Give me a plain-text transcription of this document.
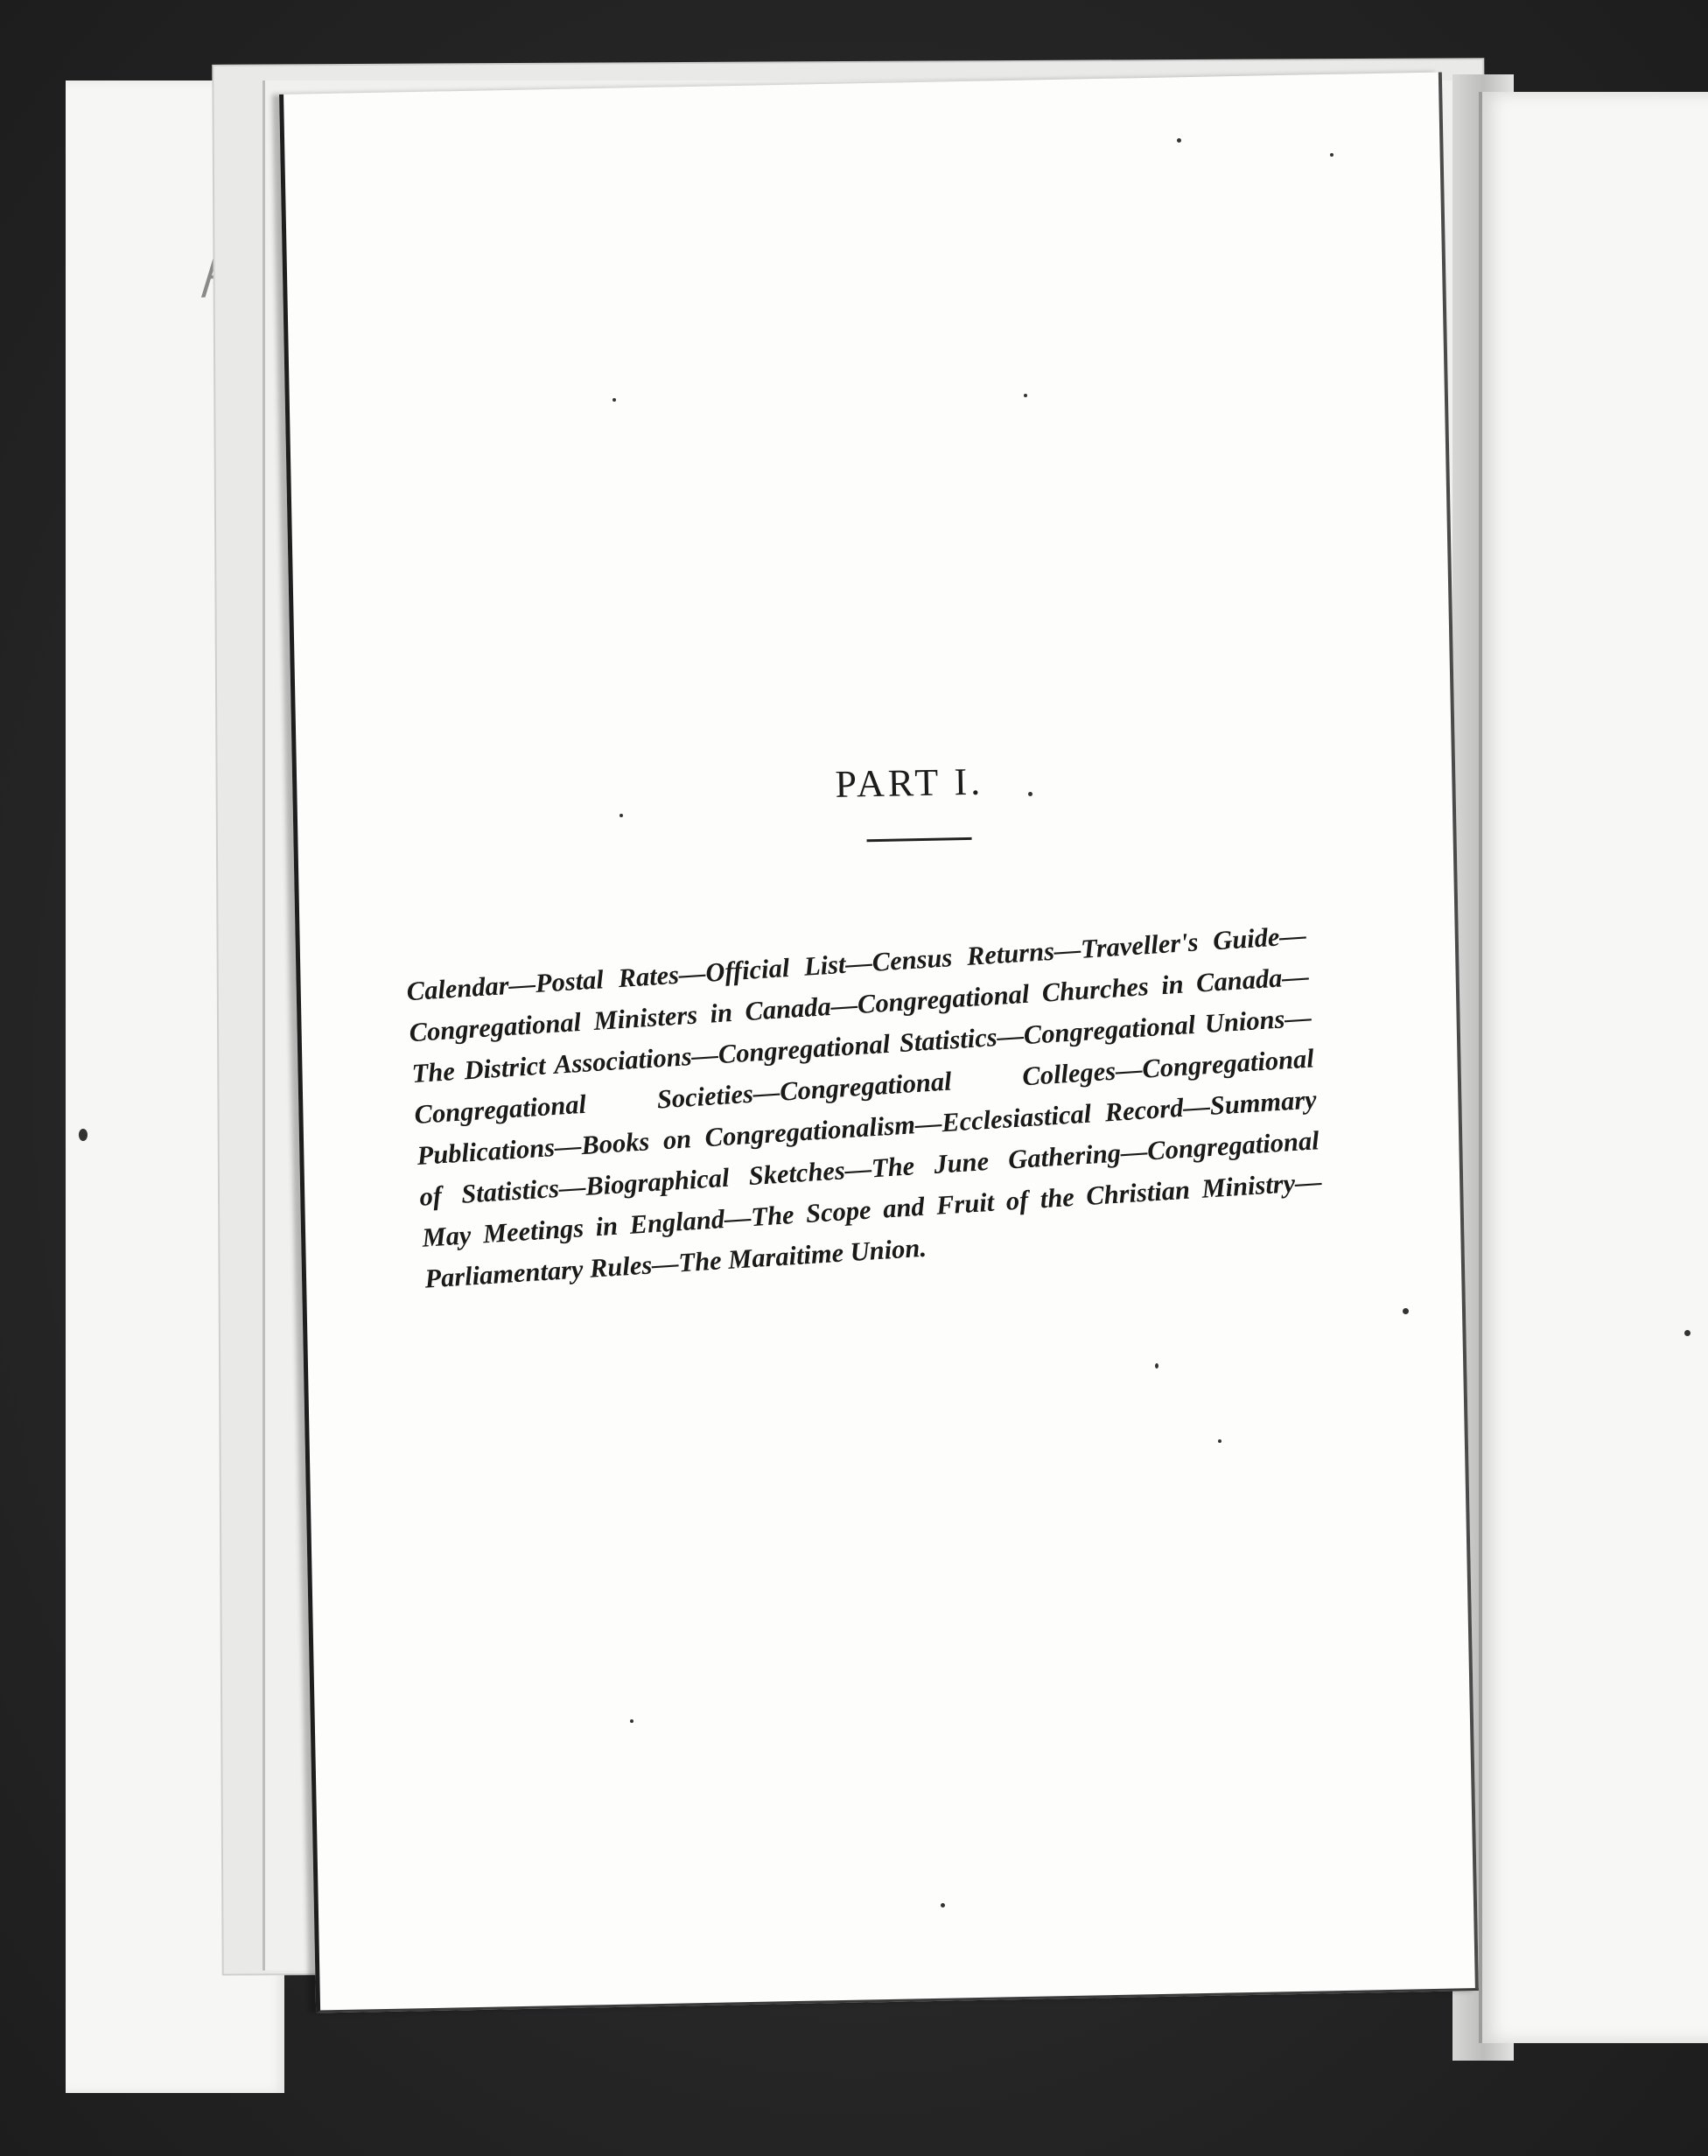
PART I.
Calendar—Postal Rates—Official List—Census Returns—Traveller's Guide—Congregational Ministers in Canada—Congregational Churches in Canada—The District Associations—Congregational Statistics—Congregational Unions—Congregational Societies—Congregational Colleges—Congregational Publications—Books on Congregationalism—Ecclesiastical Record—Summary of Statistics—Biographical Sketches—The June Gathering—Congregational May Meetings in England—The Scope and Fruit of the Christian Ministry—Parliamentary Rules—The Maraitime Union.
